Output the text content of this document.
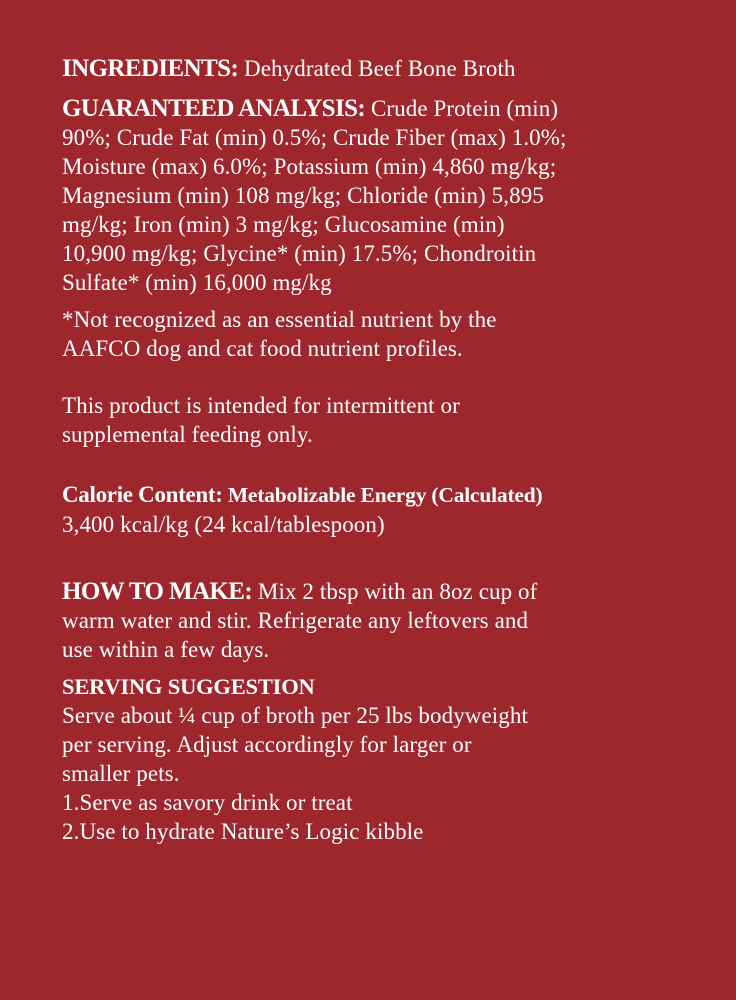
INGREDIENTS: Dehydrated Beef Bone Broth

GUARANTEED ANALYSIS: Crude Protein (min)
90%; Crude Fat (min) 0.5%; Crude Fiber (max) 1.0%;
Moisture (max) 6.0%; Potassium (min) 4,860 mg/kg;
Magnesium (min) 108 mg/kg; Chloride (min) 5,895
mg/kg; Iron (min) 3 mg/kg; Glucosamine (min)
10,900 mg/kg; Glycine* (min) 17.5%; Chondroitin
Sulfate* (min) 16,000 mg/kg

*Not recognized as an essential nutrient by the
AAFCO dog and cat food nutrient profiles.

This product is intended for intermittent or
supplemental feeding only.

Calorie Content: Metabolizable Energy (Calculated)
3,400 kcal/kg (24 kcal/tablespoon)

HOW TO MAKE: Mix 2 tbsp with an 8oz cup of
warm water and stir. Refrigerate any leftovers and
use within a few days.

SERVING SUGGESTION

Serve about ¼ cup of broth per 25 lbs bodyweight
per serving. Adjust accordingly for larger or
smaller pets.
1.Serve as savory drink or treat
2.Use to hydrate Nature’s Logic kibble
